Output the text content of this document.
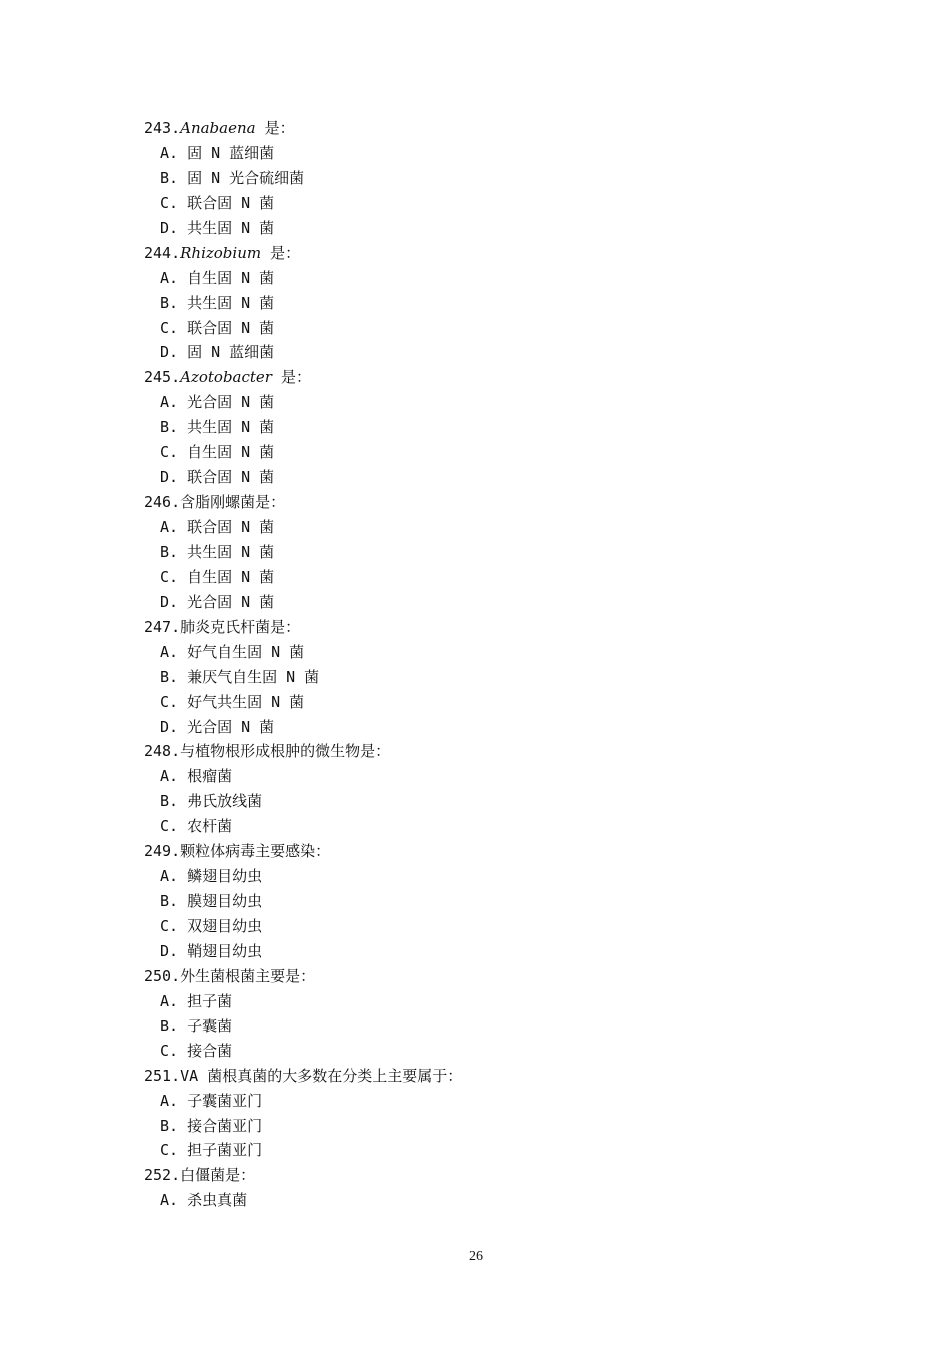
243.Anabaena 是：
A. 固 N 蓝细菌
B. 固 N 光合硫细菌
C. 联合固 N 菌
D. 共生固 N 菌
244.Rhizobium 是：
A. 自生固 N 菌
B. 共生固 N 菌
C. 联合固 N 菌
D. 固 N 蓝细菌
245.Azotobacter 是：
A. 光合固 N 菌
B. 共生固 N 菌
C. 自生固 N 菌
D. 联合固 N 菌
246.含脂刚螺菌是：
A. 联合固 N 菌
B. 共生固 N 菌
C. 自生固 N 菌
D. 光合固 N 菌
247.肺炎克氏杆菌是：
A. 好气自生固 N 菌
B. 兼厌气自生固 N 菌
C. 好气共生固 N 菌
D. 光合固 N 菌
248.与植物根形成根肿的微生物是：
A. 根瘤菌
B. 弗氏放线菌
C. 农杆菌
249.颗粒体病毒主要感染：
A. 鳞翅目幼虫
B. 膜翅目幼虫
C. 双翅目幼虫
D. 鞘翅目幼虫
250.外生菌根菌主要是：
A. 担子菌
B. 子囊菌
C. 接合菌
251.VA 菌根真菌的大多数在分类上主要属于：
A. 子囊菌亚门
B. 接合菌亚门
C. 担子菌亚门
252.白僵菌是：
A. 杀虫真菌
26
